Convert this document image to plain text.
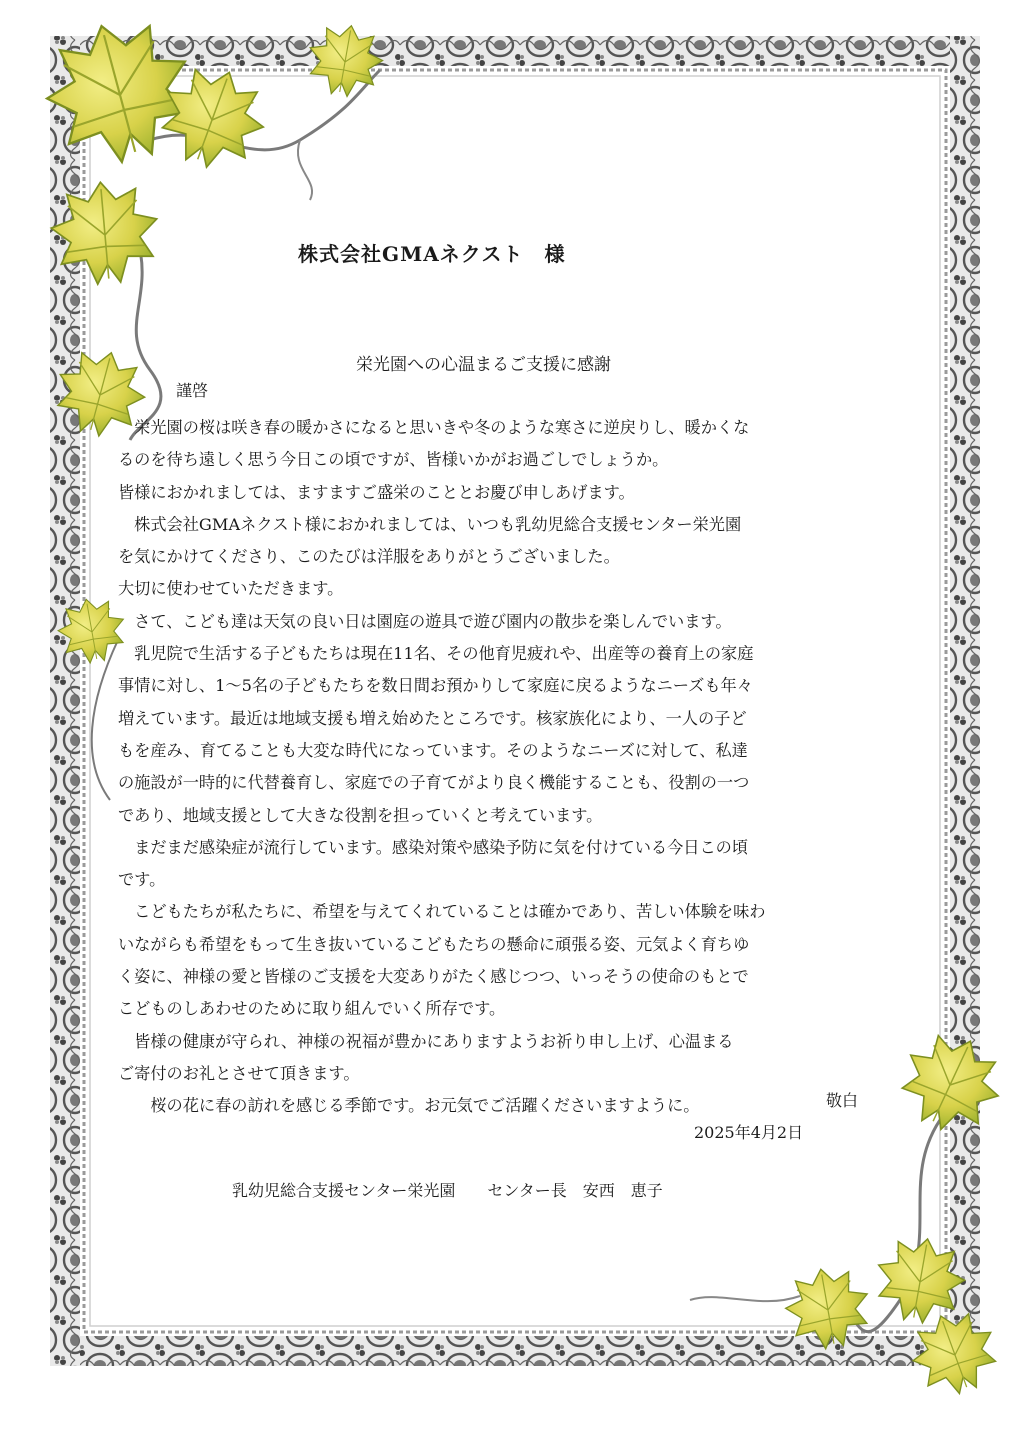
株式会社GMAネクスト　様
栄光園への心温まるご支援に感謝
謹啓
　栄光園の桜は咲き春の暖かさになると思いきや冬のような寒さに逆戻りし、暖かくな
るのを待ち遠しく思う今日この頃ですが、皆様いかがお過ごしでしょうか。
皆様におかれましては、ますますご盛栄のこととお慶び申しあげます。
　株式会社GMAネクスト様におかれましては、いつも乳幼児総合支援センター栄光園
を気にかけてくださり、このたびは洋服をありがとうございました。
大切に使わせていただきます。
　さて、こども達は天気の良い日は園庭の遊具で遊び園内の散歩を楽しんでいます。
　乳児院で生活する子どもたちは現在11名、その他育児疲れや、出産等の養育上の家庭
事情に対し、1～5名の子どもたちを数日間お預かりして家庭に戻るようなニーズも年々
増えています。最近は地域支援も増え始めたところです。核家族化により、一人の子ど
もを産み、育てることも大変な時代になっています。そのようなニーズに対して、私達
の施設が一時的に代替養育し、家庭での子育てがより良く機能することも、役割の一つ
であり、地域支援として大きな役割を担っていくと考えています。
　まだまだ感染症が流行しています。感染対策や感染予防に気を付けている今日この頃
です。
　こどもたちが私たちに、希望を与えてくれていることは確かであり、苦しい体験を味わ
いながらも希望をもって生き抜いているこどもたちの懸命に頑張る姿、元気よく育ちゆ
く姿に、神様の愛と皆様のご支援を大変ありがたく感じつつ、いっそうの使命のもとで
こどものしあわせのために取り組んでいく所存です。
　皆様の健康が守られ、神様の祝福が豊かにありますようお祈り申し上げ、心温まる
ご寄付のお礼とさせて頂きます。
　　桜の花に春の訪れを感じる季節です。お元気でご活躍くださいますように。	敬白
2025年4月2日
乳幼児総合支援センター栄光園　　センター長　安西　恵子
